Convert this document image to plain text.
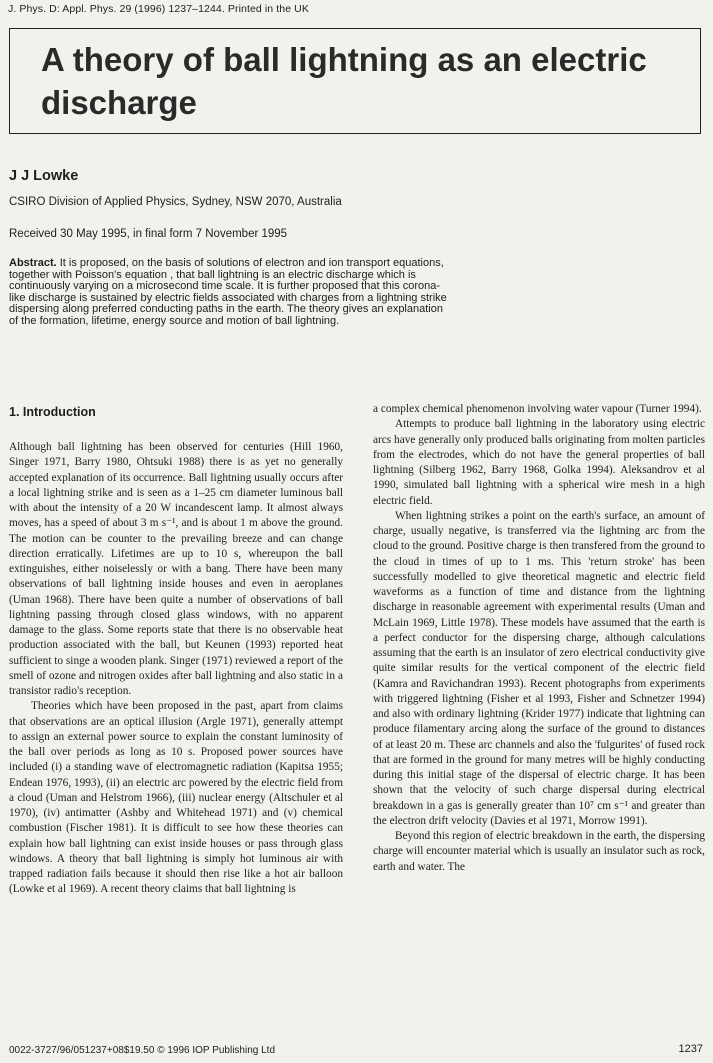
J. Phys. D: Appl. Phys. 29 (1996) 1237–1244. Printed in the UK
A theory of ball lightning as an electric discharge
J J Lowke
CSIRO Division of Applied Physics, Sydney, NSW 2070, Australia
Received 30 May 1995, in final form 7 November 1995

Abstract. It is proposed, on the basis of solutions of electron and ion transport equations, together with Poisson's equation , that ball lightning is an electric discharge which is continuously varying on a microsecond time scale. It is further proposed that this corona-like discharge is sustained by electric fields associated with charges from a lightning strike dispersing along preferred conducting paths in the earth. The theory gives an explanation of the formation, lifetime, energy source and motion of ball lightning.

1. Introduction

Although ball lightning has been observed for centuries (Hill 1960, Singer 1971, Barry 1980, Ohtsuki 1988) there is as yet no generally accepted explanation of its occurrence. Ball lightning usually occurs after a local lightning strike and is seen as a 1–25 cm diameter luminous ball with about the intensity of a 20 W incandescent lamp. It almost always moves, has a speed of about 3 m s⁻¹, and is about 1 m above the ground. The motion can be counter to the prevailing breeze and can change direction erratically. Lifetimes are up to 10 s, whereupon the ball extinguishes, either noiselessly or with a bang. There have been many observations of ball lightning inside houses and even in aeroplanes (Uman 1968). There have been quite a number of observations of ball lightning passing through closed glass windows, with no apparent damage to the glass. Some reports state that there is no observable heat production associated with the ball, but Keunen (1993) reported heat sufficient to singe a wooden plank. Singer (1971) reviewed a report of the smell of ozone and nitrogen oxides after ball lightning and also static in a transistor radio's reception.

Theories which have been proposed in the past, apart from claims that observations are an optical illusion (Argle 1971), generally attempt to assign an external power source to explain the constant luminosity of the ball over periods as long as 10 s. Proposed power sources have included (i) a standing wave of electromagnetic radiation (Kapitsa 1955; Endean 1976, 1993), (ii) an electric arc powered by the electric field from a cloud (Uman and Helstrom 1966), (iii) nuclear energy (Altschuler et al 1970), (iv) antimatter (Ashby and Whitehead 1971) and (v) chemical combustion (Fischer 1981). It is difficult to see how these theories can explain how ball lightning can exist inside houses or pass through glass windows. A theory that ball lightning is simply hot luminous air with trapped radiation fails because it should then rise like a hot air balloon (Lowke et al 1969). A recent theory claims that ball lightning is

a complex chemical phenomenon involving water vapour (Turner 1994).

Attempts to produce ball lightning in the laboratory using electric arcs have generally only produced balls originating from molten particles from the electrodes, which do not have the general properties of ball lightning (Silberg 1962, Barry 1968, Golka 1994). Aleksandrov et al 1990, simulated ball lightning with a spherical wire mesh in a high electric field.

When lightning strikes a point on the earth's surface, an amount of charge, usually negative, is transferred via the lightning arc from the cloud to the ground. Positive charge is then transfered from the ground to the cloud in times of up to 1 ms. This 'return stroke' has been successfully modelled to give theoretical magnetic and electric field waveforms as a function of time and distance from the lightning discharge in reasonable agreement with experimental results (Uman and McLain 1969, Little 1978). These models have assumed that the earth is a perfect conductor for the dispersing charge, although calculations assuming that the earth is an insulator of zero electrical conductivity give quite similar results for the vertical component of the electric field (Kamra and Ravichandran 1993). Recent photographs from experiments with triggered lightning (Fisher et al 1993, Fisher and Schnetzer 1994) and also with ordinary lightning (Krider 1977) indicate that lightning can produce filamentary arcing along the surface of the ground to distances of at least 20 m. These arc channels and also the 'fulgurites' of fused rock that are formed in the ground for many metres will be highly conducting during this initial stage of the dispersal of electric charge. It has been shown that the velocity of such charge dispersal during electrical breakdown in a gas is generally greater than 10⁷ cm s⁻¹ and greater than the electron drift velocity (Davies et al 1971, Morrow 1991).

Beyond this region of electric breakdown in the earth, the dispersing charge will encounter material which is usually an insulator such as rock, earth and water. The

0022-3727/96/051237+08$19.50 © 1996 IOP Publishing Ltd	1237
